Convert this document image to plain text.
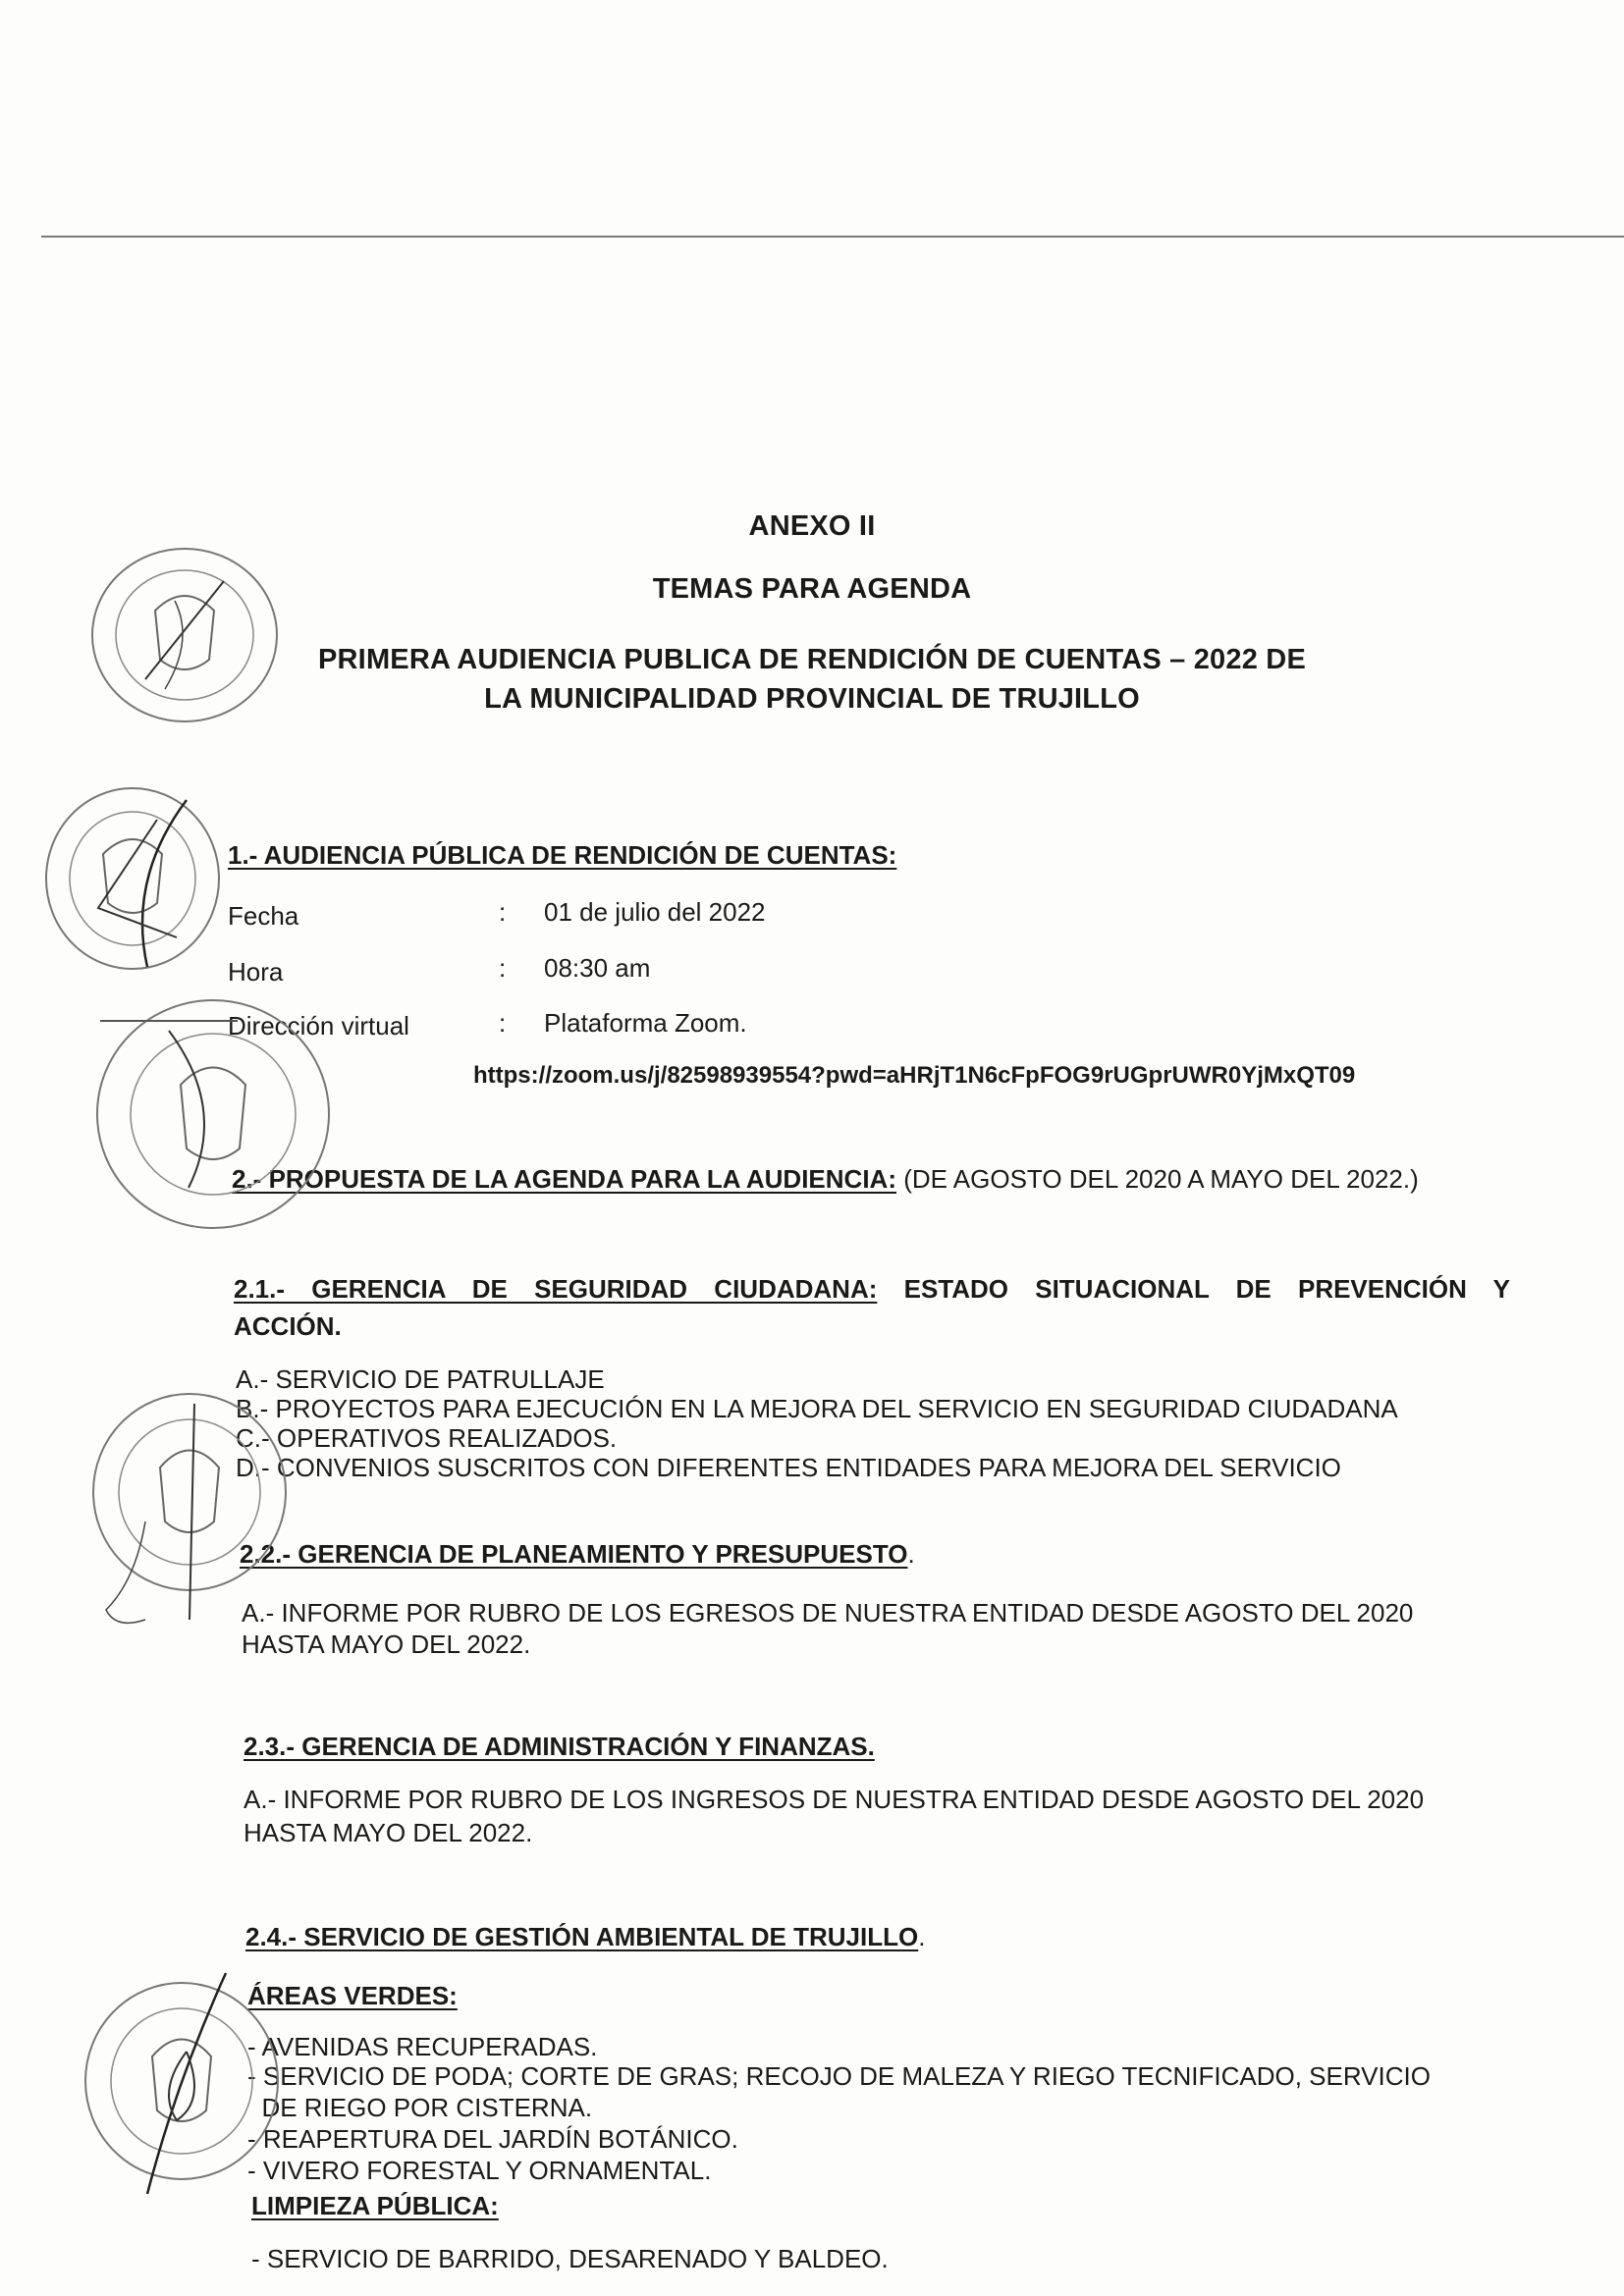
ANEXO II
TEMAS PARA AGENDA
PRIMERA AUDIENCIA PUBLICA DE RENDICIÓN DE CUENTAS – 2022 DE
LA MUNICIPALIDAD PROVINCIAL DE TRUJILLO
1.- AUDIENCIA PÚBLICA DE RENDICIÓN DE CUENTAS:
Fecha	: 01 de julio del 2022
Hora	: 08:30 am
Dirección virtual	: Plataforma Zoom.
https://zoom.us/j/82598939554?pwd=aHRjT1N6cFpFOG9rUGprUWR0YjMxQT09
2.- PROPUESTA DE LA AGENDA PARA LA AUDIENCIA: (DE AGOSTO DEL 2020 A MAYO DEL 2022.)
2.1.- GERENCIA DE SEGURIDAD CIUDADANA: ESTADO SITUACIONAL DE PREVENCIÓN Y
ACCIÓN.
A.- SERVICIO DE PATRULLAJE
B.- PROYECTOS PARA EJECUCIÓN EN LA MEJORA DEL SERVICIO EN SEGURIDAD CIUDADANA
C.- OPERATIVOS REALIZADOS.
D.- CONVENIOS SUSCRITOS CON DIFERENTES ENTIDADES PARA MEJORA DEL SERVICIO
2.2.- GERENCIA DE PLANEAMIENTO Y PRESUPUESTO.
A.- INFORME POR RUBRO DE LOS EGRESOS DE NUESTRA ENTIDAD DESDE AGOSTO DEL 2020
HASTA MAYO DEL 2022.
2.3.- GERENCIA DE ADMINISTRACIÓN Y FINANZAS.
A.- INFORME POR RUBRO DE LOS INGRESOS DE NUESTRA ENTIDAD DESDE AGOSTO DEL 2020
HASTA MAYO DEL 2022.
2.4.- SERVICIO DE GESTIÓN AMBIENTAL DE TRUJILLO.
ÁREAS VERDES:
- AVENIDAS RECUPERADAS.
- SERVICIO DE PODA; CORTE DE GRAS; RECOJO DE MALEZA Y RIEGO TECNIFICADO, SERVICIO
DE RIEGO POR CISTERNA.
- REAPERTURA DEL JARDÍN BOTÁNICO.
- VIVERO FORESTAL Y ORNAMENTAL.
LIMPIEZA PÚBLICA:
- SERVICIO DE BARRIDO, DESARENADO Y BALDEO.
